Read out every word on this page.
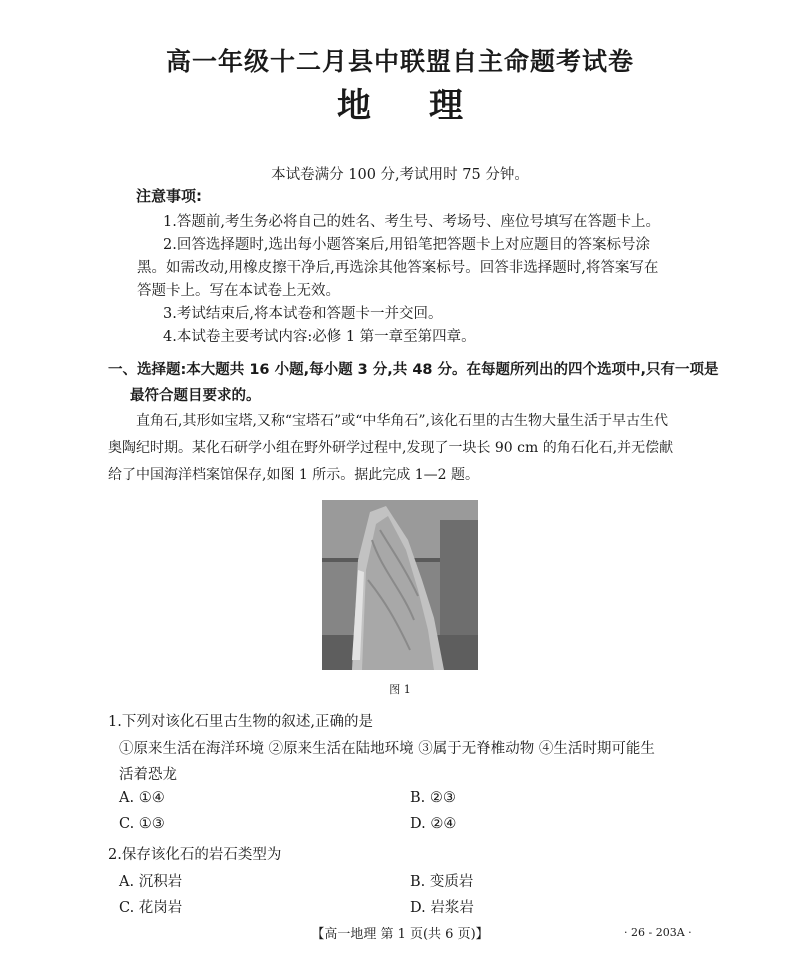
高一年级十二月县中联盟自主命题考试卷
地 理
本试卷满分 100 分,考试用时 75 分钟。
注意事项:
1.答题前,考生务必将自己的姓名、考生号、考场号、座位号填写在答题卡上。
2.回答选择题时,选出每小题答案后,用铅笔把答题卡上对应题目的答案标号涂
黑。如需改动,用橡皮擦干净后,再选涂其他答案标号。回答非选择题时,将答案写在
答题卡上。写在本试卷上无效。
3.考试结束后,将本试卷和答题卡一并交回。
4.本试卷主要考试内容:必修 1 第一章至第四章。
一、选择题:本大题共 16 小题,每小题 3 分,共 48 分。在每题所列出的四个选项中,只有一项是
最符合题目要求的。
直角石,其形如宝塔,又称“宝塔石”或“中华角石”,该化石里的古生物大量生活于早古生代
奥陶纪时期。某化石研学小组在野外研学过程中,发现了一块长 90 cm 的角石化石,并无偿献
给了中国海洋档案馆保存,如图 1 所示。据此完成 1—2 题。
图 1
1.下列对该化石里古生物的叙述,正确的是
①原来生活在海洋环境 ②原来生活在陆地环境 ③属于无脊椎动物 ④生活时期可能生
活着恐龙
A. ①④	B. ②③
C. ①③	D. ②④
2.保存该化石的岩石类型为
A. 沉积岩	B. 变质岩
C. 花岗岩	D. 岩浆岩
【高一地理 第 1 页(共 6 页)】	· 26 - 203A ·
